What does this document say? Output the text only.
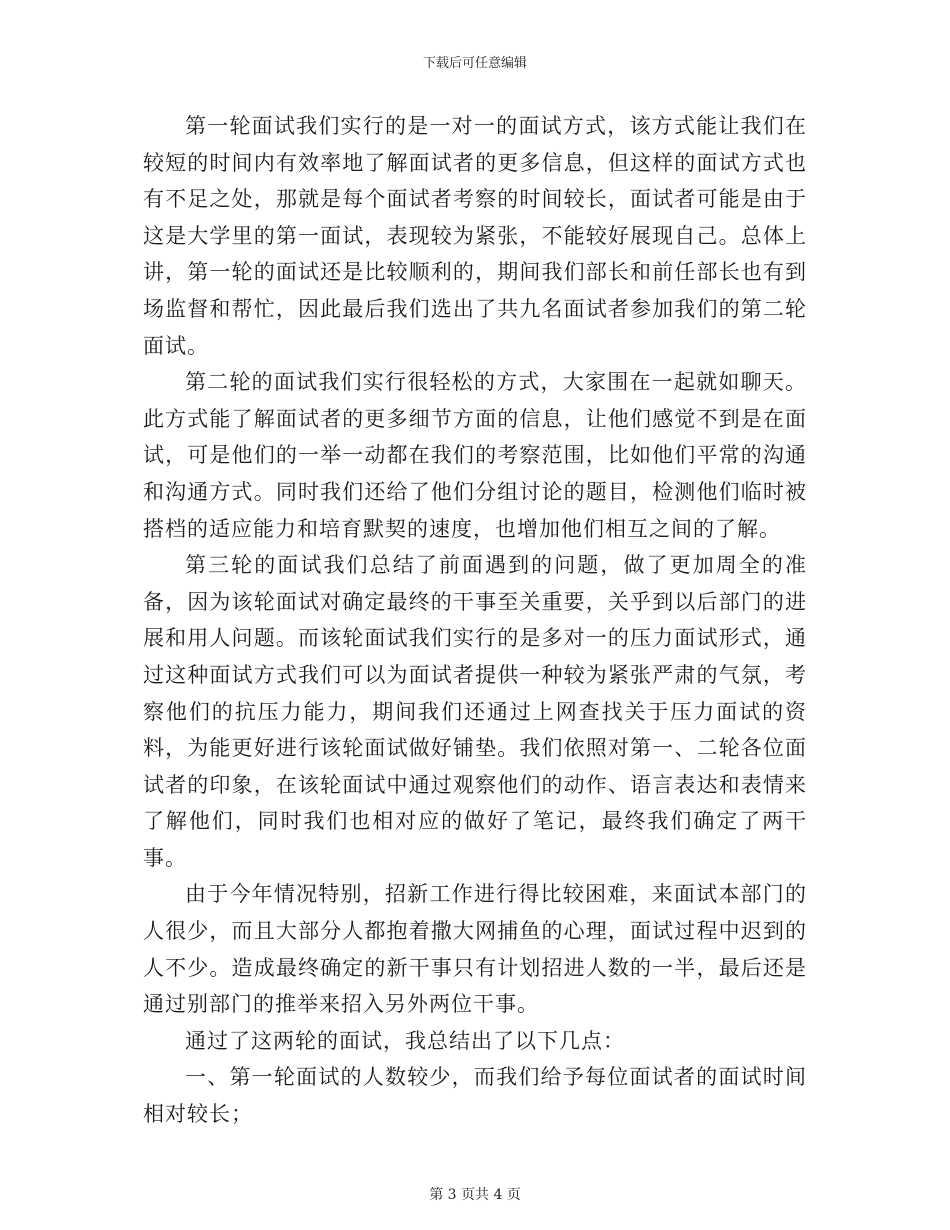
下载后可任意编辑

第一轮面试我们实行的是一对一的面试方式，该方式能让我们在较短的时间内有效率地了解面试者的更多信息，但这样的面试方式也有不足之处，那就是每个面试者考察的时间较长，面试者可能是由于这是大学里的第一面试，表现较为紧张，不能较好展现自己。总体上讲，第一轮的面试还是比较顺利的，期间我们部长和前任部长也有到场监督和帮忙，因此最后我们选出了共九名面试者参加我们的第二轮面试。

第二轮的面试我们实行很轻松的方式，大家围在一起就如聊天。此方式能了解面试者的更多细节方面的信息，让他们感觉不到是在面试，可是他们的一举一动都在我们的考察范围，比如他们平常的沟通和沟通方式。同时我们还给了他们分组讨论的题目，检测他们临时被搭档的适应能力和培育默契的速度，也增加他们相互之间的了解。

第三轮的面试我们总结了前面遇到的问题，做了更加周全的准备，因为该轮面试对确定最终的干事至关重要，关乎到以后部门的进展和用人问题。而该轮面试我们实行的是多对一的压力面试形式，通过这种面试方式我们可以为面试者提供一种较为紧张严肃的气氛，考察他们的抗压力能力，期间我们还通过上网查找关于压力面试的资料，为能更好进行该轮面试做好铺垫。我们依照对第一、二轮各位面试者的印象，在该轮面试中通过观察他们的动作、语言表达和表情来了解他们，同时我们也相对应的做好了笔记，最终我们确定了两干事。

由于今年情况特别，招新工作进行得比较困难，来面试本部门的人很少，而且大部分人都抱着撒大网捕鱼的心理，面试过程中迟到的人不少。造成最终确定的新干事只有计划招进人数的一半，最后还是通过别部门的推举来招入另外两位干事。

通过了这两轮的面试，我总结出了以下几点：

一、第一轮面试的人数较少，而我们给予每位面试者的面试时间相对较长；

第 3 页共 4 页
